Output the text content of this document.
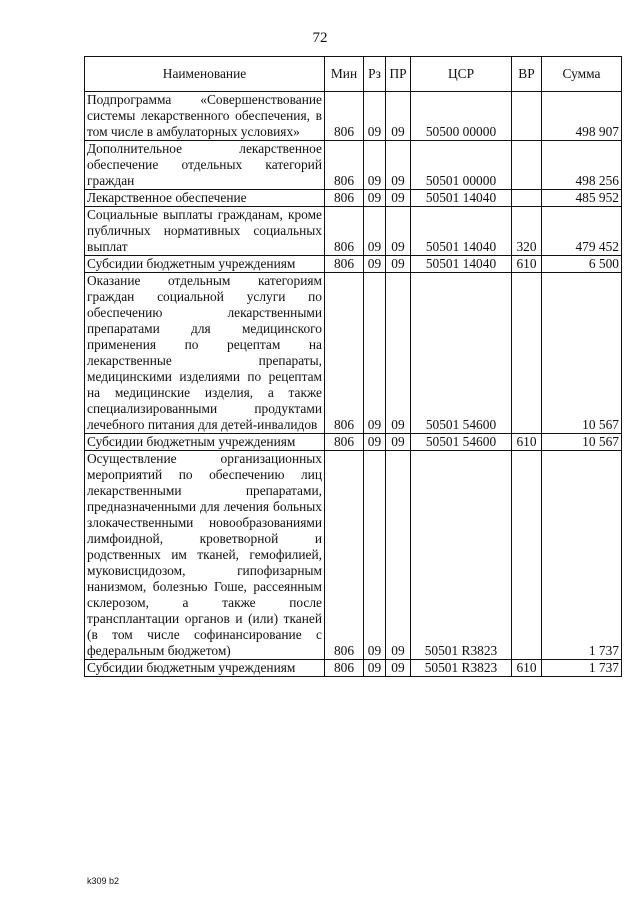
72
Наименование	Мин	Рз	ПР	ЦСР	ВР	Сумма
Подпрограмма «Совершенствование системы лекарственного обеспечения, в том числе в амбулаторных условиях»	806	09	09	50500 00000		498 907
Дополнительное лекарственное обеспечение отдельных категорий граждан	806	09	09	50501 00000		498 256
Лекарственное обеспечение	806	09	09	50501 14040		485 952
Социальные выплаты гражданам, кроме публичных нормативных социальных выплат	806	09	09	50501 14040	320	479 452
Субсидии бюджетным учреждениям	806	09	09	50501 14040	610	6 500
Оказание отдельным категориям граждан социальной услуги по обеспечению лекарственными препаратами для медицинского применения по рецептам на лекарственные препараты, медицинскими изделиями по рецептам на медицинские изделия, а также специализированными продуктами лечебного питания для детей-инвалидов	806	09	09	50501 54600		10 567
Субсидии бюджетным учреждениям	806	09	09	50501 54600	610	10 567
Осуществление организационных мероприятий по обеспечению лиц лекарственными препаратами, предназначенными для лечения больных злокачественными новообразованиями лимфоидной, кроветворной и родственных им тканей, гемофилией, муковисцидозом, гипофизарным нанизмом, болезнью Гоше, рассеянным склерозом, а также после трансплантации органов и (или) тканей (в том числе софинансирование с федеральным бюджетом)	806	09	09	50501 R3823		1 737
Субсидии бюджетным учреждениям	806	09	09	50501 R3823	610	1 737
k309 b2
